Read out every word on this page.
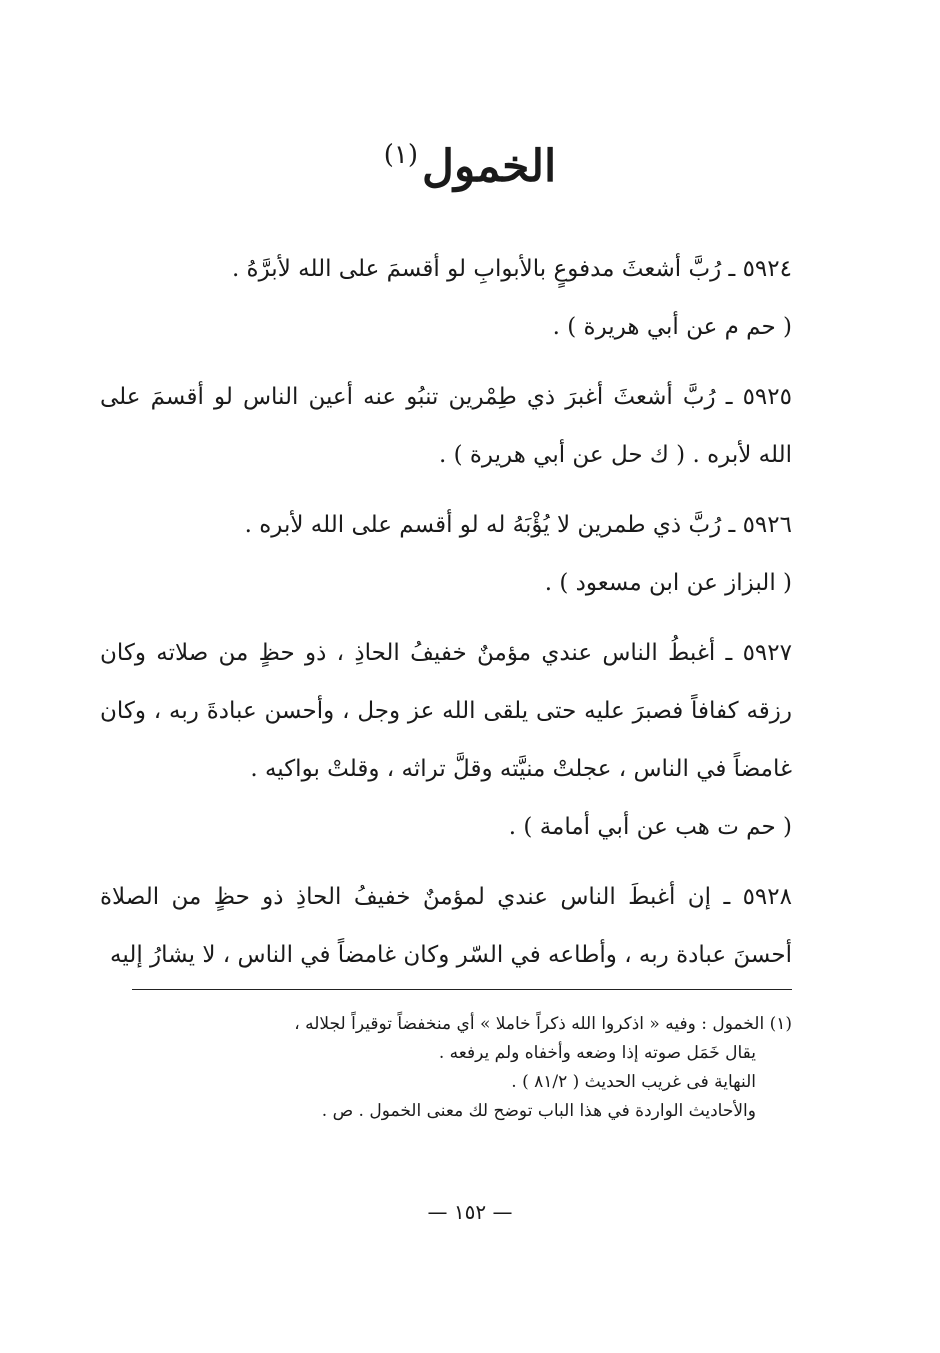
الخمول$^{(١)}$

٥٩٢٤ ـ رُبَّ أشعثَ مدفوعٍ بالأبوابِ لو أقسمَ على الله لأبرَّهُ .
( حم م عن أبي هريرة ) .

٥٩٢٥ ـ رُبَّ أشعثَ أغبرَ ذي طِمْرين تنبُو عنه أعين الناس لو أقسمَ على الله لأبره . ( ك حل عن أبي هريرة ) .

٥٩٢٦ ـ رُبَّ ذي طمرين لا يُؤْبَهُ له لو أقسم على الله لأبره .
( البزاز عن ابن مسعود ) .

٥٩٢٧ ـ أغبطُ الناس عندي مؤمنٌ خفيفُ الحاذِ ، ذو حظٍ من صلاته وكان رزقه كفافاً فصبرَ عليه حتى يلقى الله عز وجل ، وأحسن عبادةَ ربه ، وكان غامضاً في الناس ، عجلتْ منيَّته وقلَّ تراثه ، وقلتْ بواكيه .
( حم ت هب عن أبي أمامة ) .

٥٩٢٨ ـ إن أغبطَ الناس عندي لمؤمنٌ خفيفُ الحاذِ ذو حظٍ من الصلاة أحسنَ عبادة ربه ، وأطاعه في السّر وكان غامضاً في الناس ، لا يشارُ إليه

(١) الخمول : وفيه « اذكروا الله ذكراً خاملا » أي منخفضاً توقيراً لجلاله ،
يقال خَمَل صوته إذا وضعه وأخفاه ولم يرفعه .
النهاية فى غريب الحديث ( ٨١/٢ ) .
والأحاديث الواردة في هذا الباب توضح لك معنى الخمول . ص .
— ١٥٢ —
